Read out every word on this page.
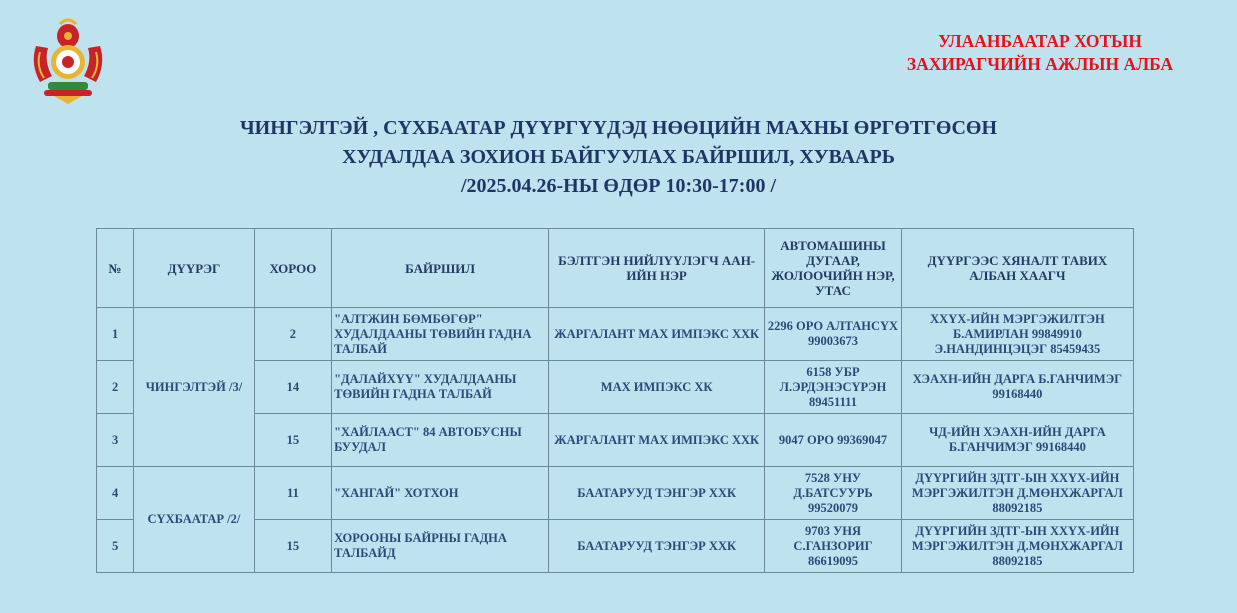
УЛААНБААТАР ХОТЫН
ЗАХИРАГЧИЙН АЖЛЫН АЛБА
ЧИНГЭЛТЭЙ , СҮХБААТАР ДҮҮРГҮҮДЭД НӨӨЦИЙН МАХНЫ ӨРГӨТГӨСӨН
ХУДАЛДАА ЗОХИОН БАЙГУУЛАХ БАЙРШИЛ, ХУВААРЬ
/2025.04.26-НЫ ӨДӨР 10:30-17:00 /
№	ДҮҮРЭГ	ХОРОО	БАЙРШИЛ	БЭЛТГЭН НИЙЛҮҮЛЭГЧ ААН-ИЙН НЭР	АВТОМАШИНЫ ДУГААР, ЖОЛООЧИЙН НЭР, УТАС	ДҮҮРГЭЭС ХЯНАЛТ ТАВИХ АЛБАН ХААГЧ
1	ЧИНГЭЛТЭЙ /3/	2	"АЛТЖИН БӨМБӨГӨР" ХУДАЛДААНЫ ТӨВИЙН ГАДНА ТАЛБАЙ	ЖАРГАЛАНТ МАХ ИМПЭКС ХХК	2296 ОРО АЛТАНСҮХ 99003673	ХХҮХ-ИЙН МЭРГЭЖИЛТЭН Б.АМИРЛАН 99849910 Э.НАНДИНЦЭЦЭГ 85459435
2		14	"ДАЛАЙХҮҮ" ХУДАЛДААНЫ ТӨВИЙН ГАДНА ТАЛБАЙ	МАХ ИМПЭКС ХК	6158 УБР Л.ЭРДЭНЭСҮРЭН 89451111	ХЭАХН-ИЙН ДАРГА Б.ГАНЧИМЭГ 99168440
3		15	"ХАЙЛААСТ" 84 АВТОБУСНЫ БУУДАЛ	ЖАРГАЛАНТ МАХ ИМПЭКС ХХК	9047 ОРО 99369047	ЧД-ИЙН ХЭАХН-ИЙН ДАРГА Б.ГАНЧИМЭГ 99168440
4	СҮХБААТАР /2/	11	"ХАНГАЙ" ХОТХОН	БААТАРУУД ТЭНГЭР ХХК	7528 УНУ Д.БАТСУУРЬ 99520079	ДҮҮРГИЙН ЗДТГ-ЫН ХХҮХ-ИЙН МЭРГЭЖИЛТЭН Д.МӨНХЖАРГАЛ 88092185
5		15	ХОРООНЫ БАЙРНЫ ГАДНА ТАЛБАЙД	БААТАРУУД ТЭНГЭР ХХК	9703 УНЯ С.ГАНЗОРИГ 86619095	ДҮҮРГИЙН ЗДТГ-ЫН ХХҮХ-ИЙН МЭРГЭЖИЛТЭН Д.МӨНХЖАРГАЛ 88092185
